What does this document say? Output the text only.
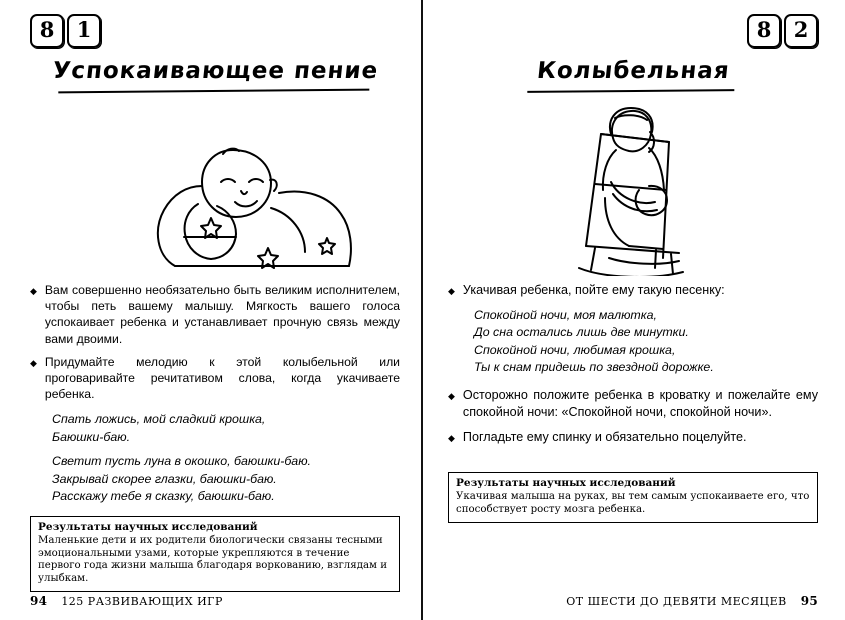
8	1
Успокаивающее пение
◆ Вам совершенно необязательно быть великим исполнителем, чтобы петь вашему малышу. Мягкость вашего голоса успокаивает ребенка и устанавливает прочную связь между вами двоими.
◆ Придумайте мелодию к этой колыбельной или проговаривайте речитативом слова, когда укачиваете ребенка.
Спать ложись, мой сладкий крошка,
Баюшки-баю.
Светит пусть луна в окошко, баюшки-баю.
Закрывай скорее глазки, баюшки-баю.
Расскажу тебе я сказку, баюшки-баю.
Результаты научных исследований
Маленькие дети и их родители биологически связаны тесными эмоциональными узами, которые укрепляются в течение первого года жизни малыша благодаря воркованию, взглядам и улыбкам.
94 125 РАЗВИВАЮЩИХ ИГР
8	2
Колыбельная
◆ Укачивая ребенка, пойте ему такую песенку:
Спокойной ночи, моя малютка,
До сна остались лишь две минутки.
Спокойной ночи, любимая крошка,
Ты к снам придешь по звездной дорожке.
◆ Осторожно положите ребенка в кроватку и пожелайте ему спокойной ночи: «Спокойной ночи, спокойной ночи».
◆ Погладьте ему спинку и обязательно поцелуйте.
Результаты научных исследований
Укачивая малыша на руках, вы тем самым успокаиваете его, что способствует росту мозга ребенка.
ОТ ШЕСТИ ДО ДЕВЯТИ МЕСЯЦЕВ 95
